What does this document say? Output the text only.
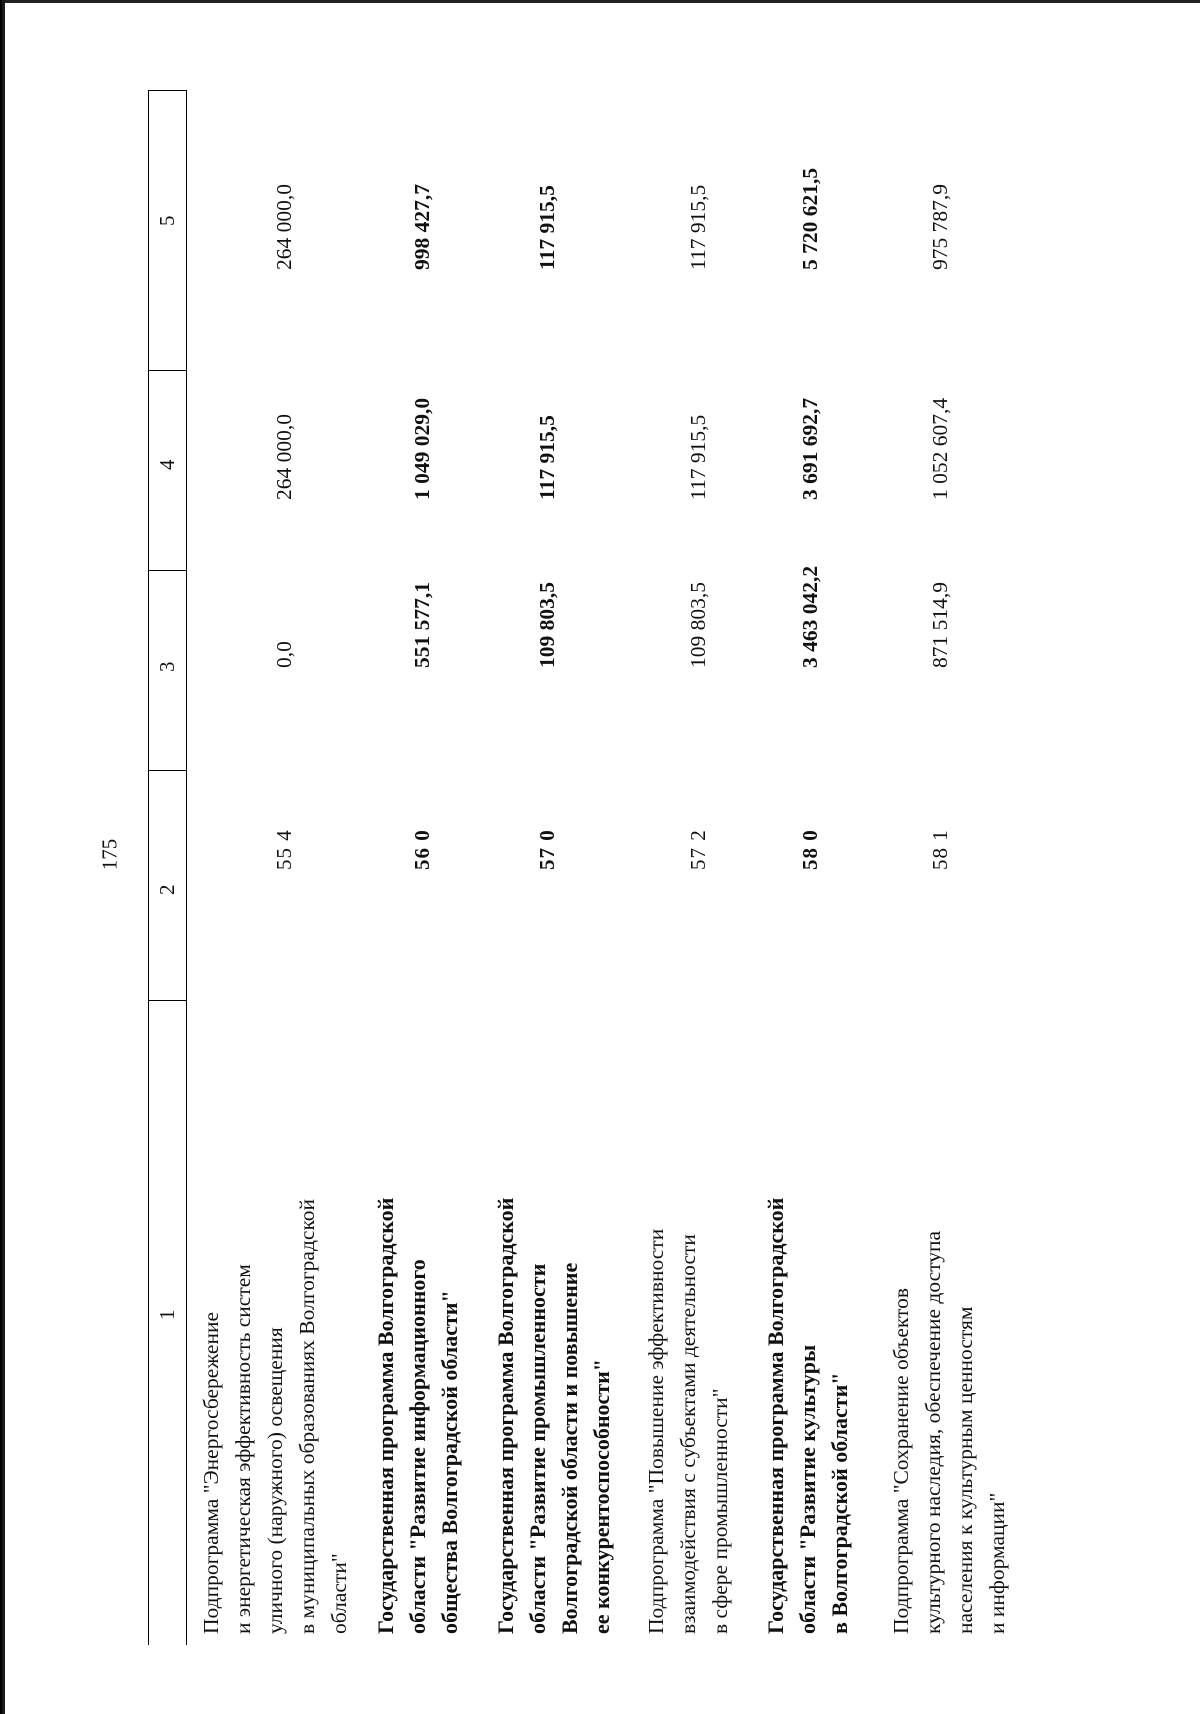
175
1
2
3
4
5
Подпрограмма "Энергосбережение и энергетическая эффективность систем уличного (наружного) освещения в муниципальных образованиях Волгоградской области"
55 4
0,0
264 000,0
264 000,0
Государственная программа Волгоградской области "Развитие информационного общества Волгоградской области"
56 0
551 577,1
1 049 029,0
998 427,7
Государственная программа Волгоградской области "Развитие промышленности Волгоградской области и повышение ее конкурентоспособности"
57 0
109 803,5
117 915,5
117 915,5
Подпрограмма "Повышение эффективности взаимодействия с субъектами деятельности в сфере промышленности"
57 2
109 803,5
117 915,5
117 915,5
Государственная программа Волгоградской области "Развитие культуры в Волгоградской области"
58 0
3 463 042,2
3 691 692,7
5 720 621,5
Подпрограмма "Сохранение объектов культурного наследия, обеспечение доступа населения к культурным ценностям и информации"
58 1
871 514,9
1 052 607,4
975 787,9
